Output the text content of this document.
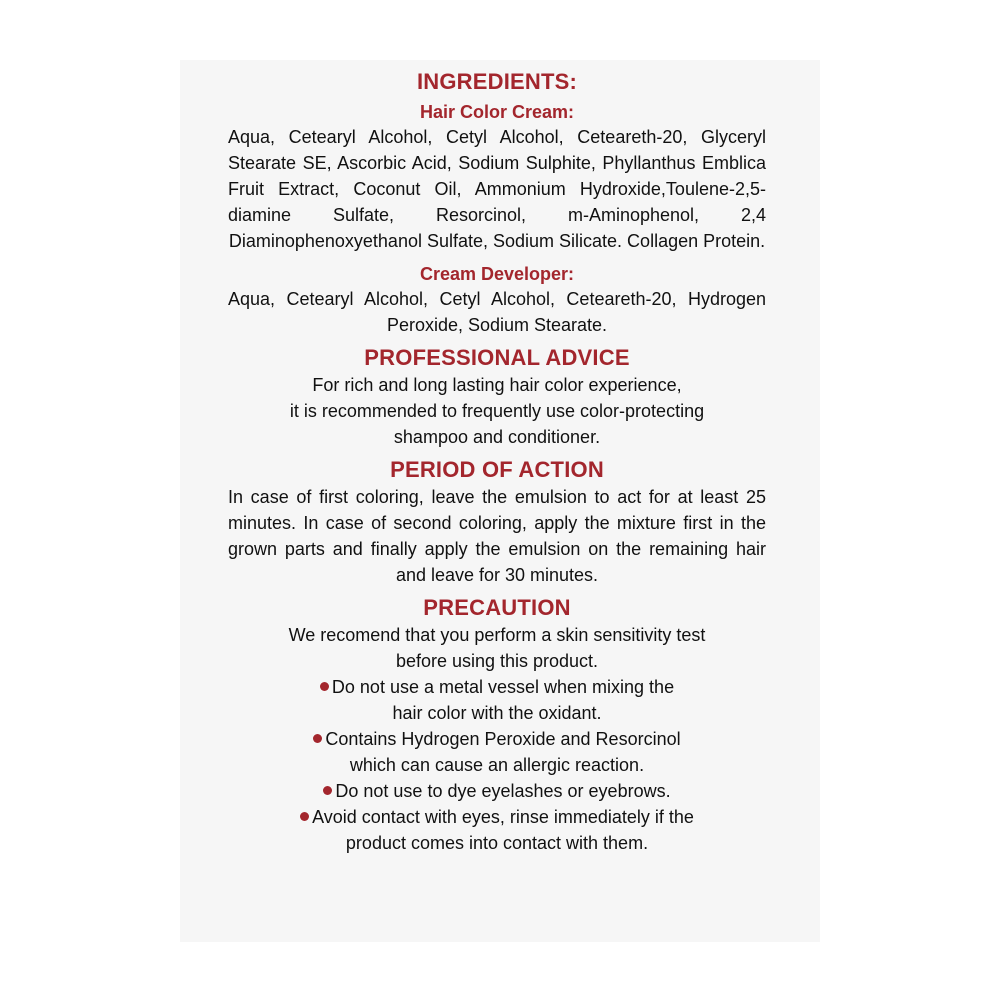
INGREDIENTS:

Hair Color Cream:

Aqua, Cetearyl Alcohol, Cetyl Alcohol, Ceteareth-20, Glyceryl Stearate SE, Ascorbic Acid, Sodium Sulphite, Phyllanthus Emblica Fruit Extract, Coconut Oil, Ammonium Hydroxide,Toulene-2,5-diamine Sulfate, Resorcinol, m-Aminophenol, 2,4 Diaminophenoxyethanol Sulfate, Sodium Silicate. Collagen Protein.

Cream Developer:

Aqua, Cetearyl Alcohol, Cetyl Alcohol, Ceteareth-20, Hydrogen Peroxide, Sodium Stearate.

PROFESSIONAL ADVICE

For rich and long lasting hair color experience,
it is recommended to frequently use color-protecting
shampoo and conditioner.

PERIOD OF ACTION

In case of first coloring, leave the emulsion to act for at least 25 minutes. In case of second coloring, apply the mixture first in the grown parts and finally apply the emulsion on the remaining hair and leave for 30 minutes.

PRECAUTION

We recomend that you perform a skin sensitivity test
before using this product.

Do not use a metal vessel when mixing the
hair color with the oxidant.
Contains Hydrogen Peroxide and Resorcinol
which can cause an allergic reaction.
Do not use to dye eyelashes or eyebrows.
Avoid contact with eyes, rinse immediately if the
product comes into contact with them.
